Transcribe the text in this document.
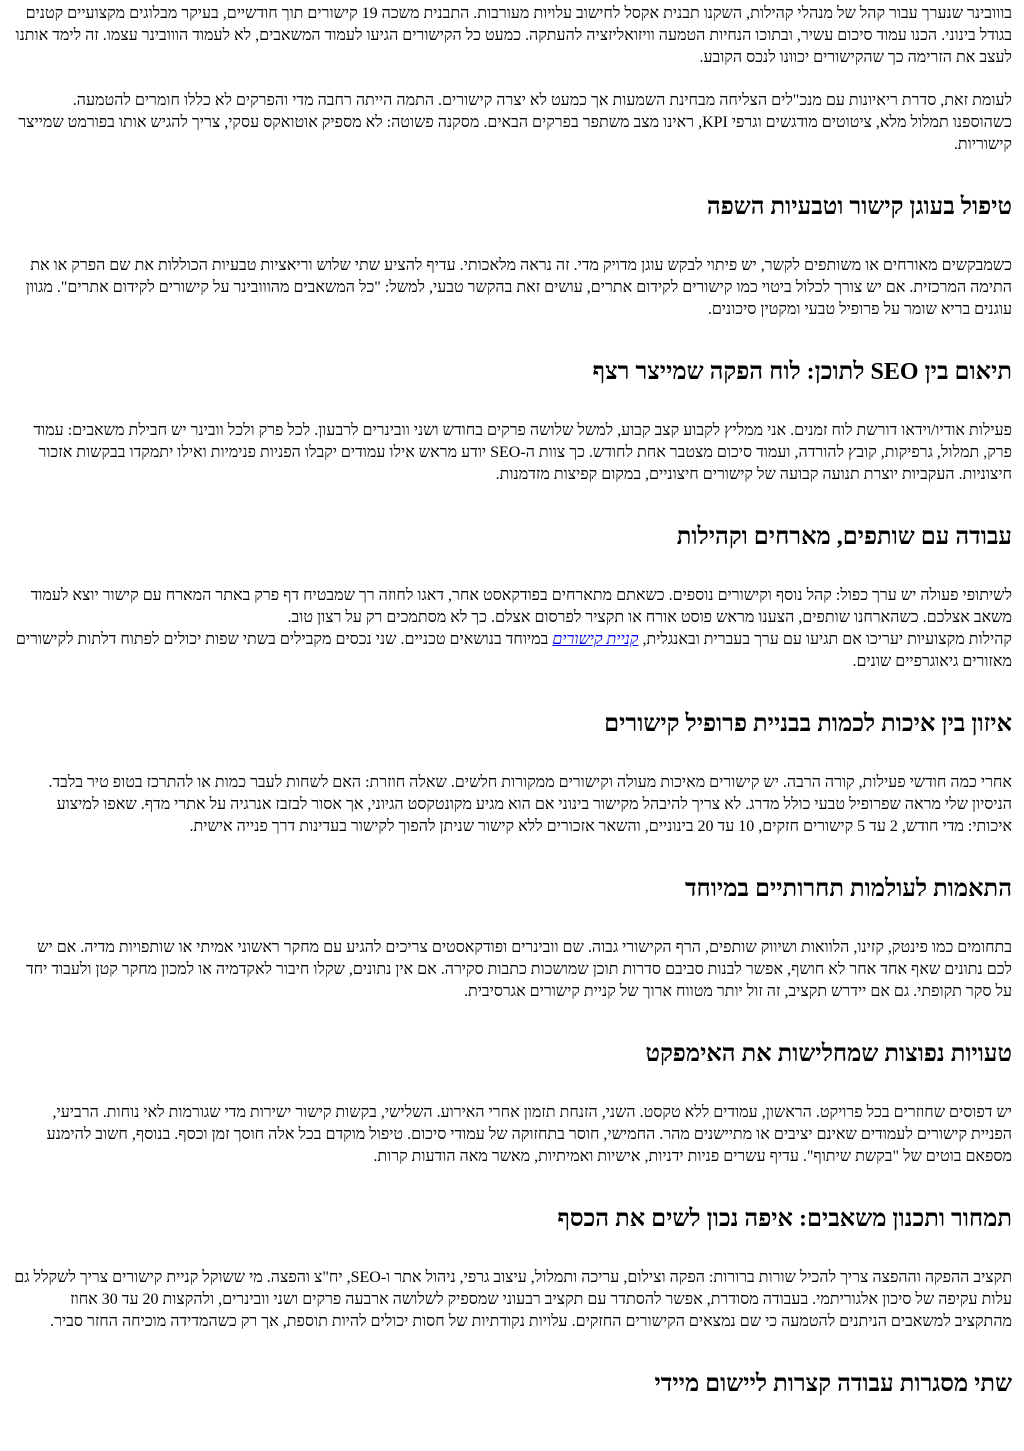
בווובינר שנערך עבור קהל של מנהלי קהילות, השקנו תבנית אקסל לחישוב עלויות מעורבות. התבנית משכה 19 קישורים תוך חודשיים, בעיקר מבלוגים מקצועיים קטנים בגודל בינוני. הכנו עמוד סיכום עשיר, ובתוכו הנחיות הטמעה וויזואליזציה להעתקה. כמעט כל הקישורים הגיעו לעמוד המשאבים, לא לעמוד הווובינר עצמו. זה לימד אותנו לעצב את הזרימה כך שהקישורים יכוונו לנכס הקובע.

לעומת זאת, סדרת ריאיונות עם מנכ"לים הצליחה מבחינת השמעות אך כמעט לא יצרה קישורים. התמה הייתה רחבה מדי והפרקים לא כללו חומרים להטמעה. כשהוספנו תמלול מלא, ציטוטים מודגשים וגרפי KPI, ראינו מצב משתפר בפרקים הבאים. מסקנה פשוטה: לא מספיק אוטואקס עסקי, צריך להגיש אותו בפורמט שמייצר קישוריות.

טיפול בעוגן קישור וטבעיות השפה

כשמבקשים מאורחים או משותפים לקשר, יש פיתוי לבקש עוגן מדויק מדי. זה נראה מלאכותי. עדיף להציע שתי שלוש וריאציות טבעיות הכוללות את שם הפרק או את התימה המרכזית. אם יש צורך לכלול ביטוי כמו קישורים לקידום אתרים, עושים זאת בהקשר טבעי, למשל: "כל המשאבים מהווובינר על קישורים לקידום אתרים". מגוון עוגנים בריא שומר על פרופיל טבעי ומקטין סיכונים.

תיאום בין SEO לתוכן: לוח הפקה שמייצר רצף

פעילות אודיו/וידאו דורשת לוח זמנים. אני ממליץ לקבוע קצב קבוע, למשל שלושה פרקים בחודש ושני וובינרים לרבעון. לכל פרק ולכל וובינר יש חבילת משאבים: עמוד פרק, תמלול, גרפיקות, קובץ להורדה, ועמוד סיכום מצטבר אחת לחודש. כך צוות ה-SEO יודע מראש אילו עמודים יקבלו הפניות פנימיות ואילו יתמקדו בבקשות אזכור חיצוניות. העקביות יוצרת תנועה קבועה של קישורים חיצוניים, במקום קפיצות מזדמנות.

עבודה עם שותפים, מארחים וקהילות

לשיתופי פעולה יש ערך כפול: קהל נוסף וקישורים נוספים. כשאתם מתארחים בפודקאסט אחר, דאגו לחוזה רך שמבטיח דף פרק באתר המארח עם קישור יוצא לעמוד משאב אצלכם. כשהארחנו שותפים, הצענו מראש פוסט אורח או תקציר לפרסום אצלם. כך לא מסתמכים רק על רצון טוב.

קהילות מקצועיות יעריכו אם תגיעו עם ערך בעברית ובאנגלית, קניית קישורים במיוחד בנושאים טכניים. שני נכסים מקבילים בשתי שפות יכולים לפתוח דלתות לקישורים מאזורים גיאוגרפיים שונים.

איזון בין איכות לכמות בבניית פרופיל קישורים

אחרי כמה חודשי פעילות, קורה הרבה. יש קישורים מאיכות מעולה וקישורים ממקורות חלשים. שאלה חוזרת: האם לשחות לעבר כמות או להתרכז בטופ טיר בלבד. הניסיון שלי מראה שפרופיל טבעי כולל מדרג. לא צריך להיבהל מקישור בינוני אם הוא מגיע מקונטקסט הגיוני, אך אסור לבזבז אנרגיה על אתרי מדף. שאפו למיצוע איכותי: מדי חודש, 2 עד 5 קישורים חזקים, 10 עד 20 בינוניים, והשאר אזכורים ללא קישור שניתן להפוך לקישור בעדינות דרך פנייה אישית.

התאמות לעולמות תחרותיים במיוחד

בתחומים כמו פינטק, קזינו, הלוואות ושיווק שותפים, הרף הקישורי גבוה. שם וובינרים ופודקאסטים צריכים להגיע עם מחקר ראשוני אמיתי או שותפויות מדיה. אם יש לכם נתונים שאף אחד אחר לא חושף, אפשר לבנות סביבם סדרות תוכן שמושכות כתבות סקירה. אם אין נתונים, שקלו חיבור לאקדמיה או למכון מחקר קטן ולעבוד יחד על סקר תקופתי. גם אם יידרש תקציב, זה זול יותר מטווח ארוך של קניית קישורים אגרסיבית.

טעויות נפוצות שמחלישות את האימפקט

יש דפוסים שחוזרים בכל פרויקט. הראשון, עמודים ללא טקסט. השני, הזנחת תזמון אחרי האירוע. השלישי, בקשות קישור ישירות מדי שגורמות לאי נוחות. הרביעי, הפניית קישורים לעמודים שאינם יציבים או מתיישנים מהר. החמישי, חוסר בתחזוקה של עמודי סיכום. טיפול מוקדם בכל אלה חוסך זמן וכסף. בנוסף, חשוב להימנע מספאם בוטים של "בקשת שיתוף". עדיף עשרים פניות ידניות, אישיות ואמיתיות, מאשר מאה הודעות קרות.

תמחור ותכנון משאבים: איפה נכון לשים את הכסף

תקציב ההפקה וההפצה צריך להכיל שורות ברורות: הפקה וצילום, עריכה ותמלול, עיצוב גרפי, ניהול אתר ו-SEO, יח"צ והפצה. מי ששוקל קניית קישורים צריך לשקלל גם עלות עקיפה של סיכון אלגוריתמי. בעבודה מסודרת, אפשר להסתדר עם תקציב רבעוני שמספיק לשלושה ארבעה פרקים ושני וובינרים, ולהקצות 20 עד 30 אחוז מהתקציב למשאבים הניתנים להטמעה כי שם נמצאים הקישורים החזקים. עלויות נקודתיות של חסות יכולים להיות תוספת, אך רק כשהמדידה מוכיחה החזר סביר.

שתי מסגרות עבודה קצרות ליישום מיידי
